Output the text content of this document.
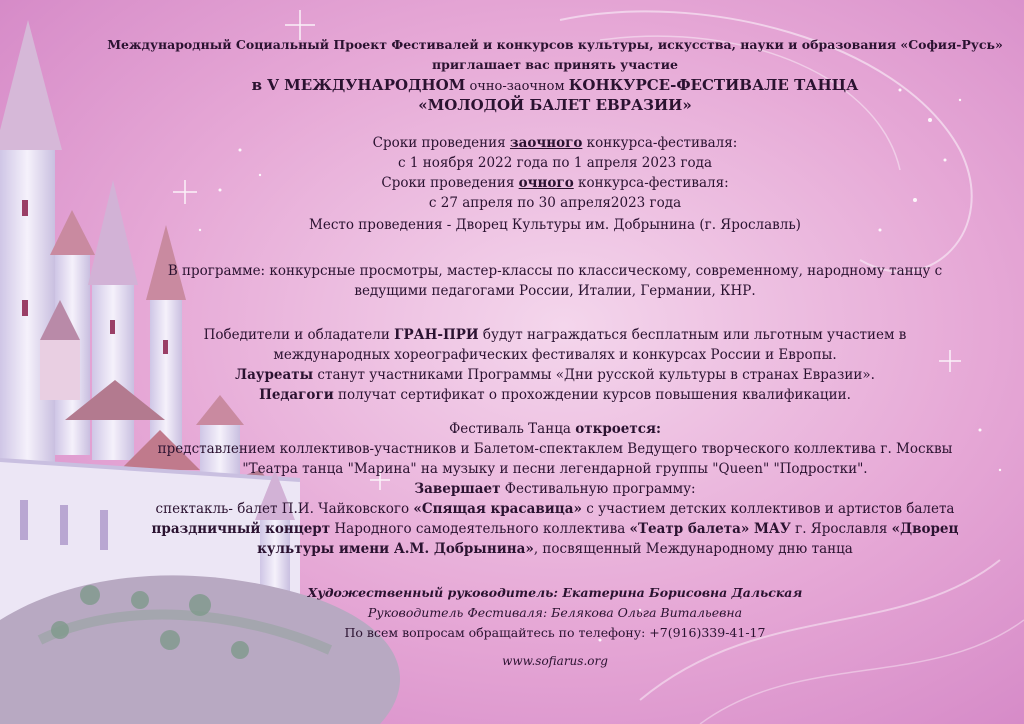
Международный Социальный Проект Фестивалей и конкурсов культуры, искусства, науки и образования «София-Русь»
приглашает вас принять участие
в V МЕЖДУНАРОДНОМ очно-заочном КОНКУРСЕ-ФЕСТИВАЛЕ ТАНЦА
«МОЛОДОЙ БАЛЕТ ЕВРАЗИИ»
Сроки проведения заочного конкурса-фестиваля:
с 1 ноября 2022 года по 1 апреля 2023 года
Сроки проведения очного конкурса-фестиваля:
с 27 апреля по 30 апреля2023 года
Место проведения - Дворец Культуры им. Добрынина (г. Ярославль)
В программе: конкурсные просмотры, мастер-классы по классическому, современному, народному танцу с
ведущими педагогами России, Италии, Германии, КНР.
Победители и обладатели ГРАН-ПРИ будут награждаться бесплатным или льготным участием в
международных хореографических фестивалях и конкурсах России и Европы.
Лауреаты станут участниками Программы «Дни русской культуры в странах Евразии».
Педагоги получат сертификат о прохождении курсов повышения квалификации.
Фестиваль Танца откроется:
представлением коллективов-участников и Балетом-спектаклем Ведущего творческого коллектива г. Москвы
"Театра танца "Марина" на музыку и песни легендарной группы "Queen" "Подростки".
Завершает Фестивальную программу:
спектакль- балет П.И. Чайковского «Спящая красавица» с участием детских коллективов и артистов балета
праздничный концерт Народного самодеятельного коллектива «Театр балета» МАУ г. Ярославля «Дворец
культуры имени А.М. Добрынина», посвященный Международному дню танца
Художественный руководитель: Екатерина Борисовна Дальская
Руководитель Фестиваля: Белякова Ольга Витальевна
По всем вопросам обращайтесь по телефону: +7(916)339-41-17
www.sofiarus.org
